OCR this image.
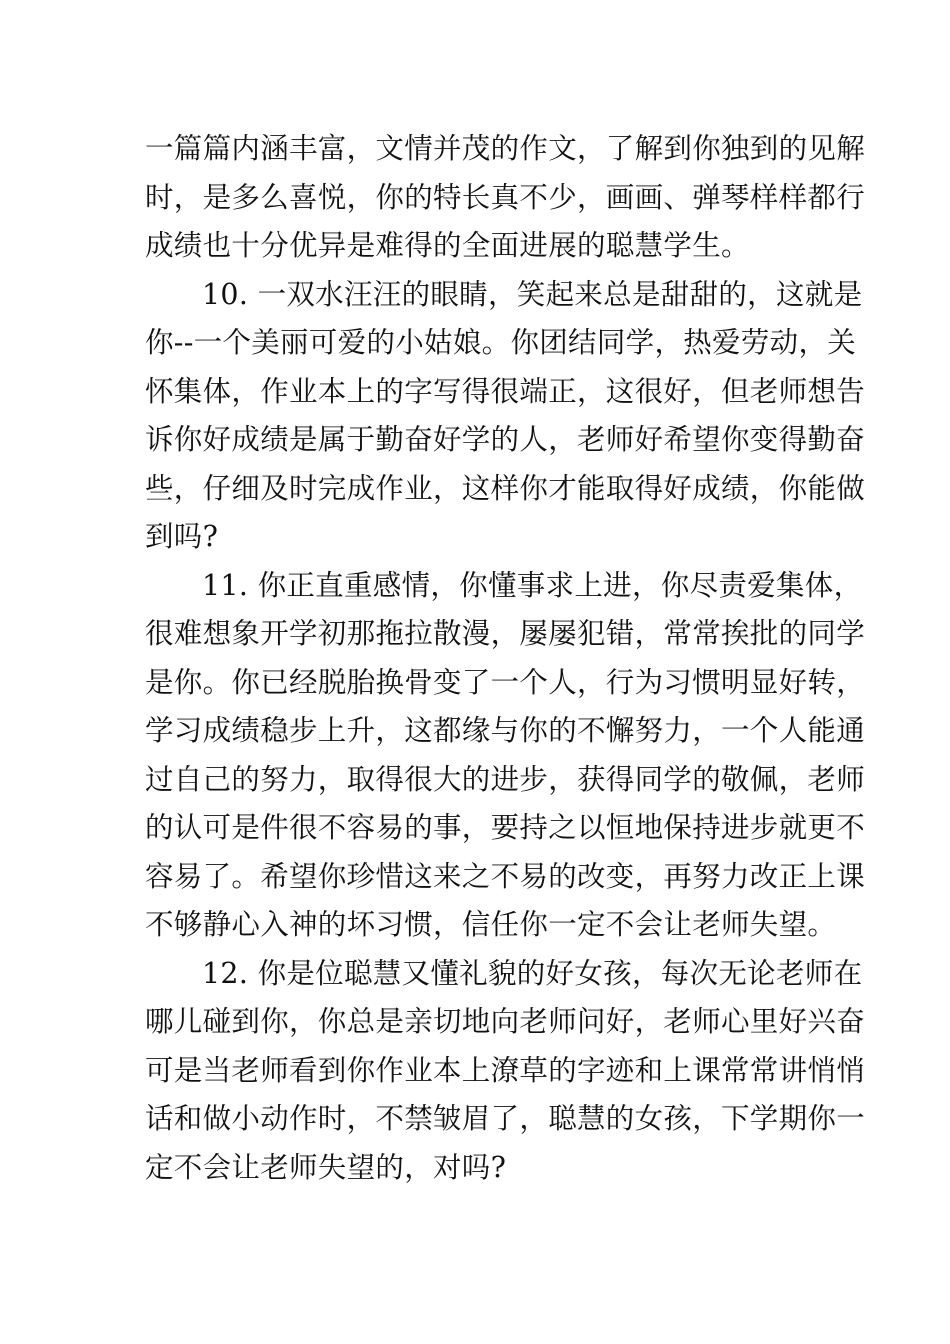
一篇篇内涵丰富，文情并茂的作文，了解到你独到的见解
时，是多么喜悦，你的特长真不少，画画、弹琴样样都行
成绩也十分优异是难得的全面进展的聪慧学生。
10. 一双水汪汪的眼睛，笑起来总是甜甜的，这就是
你--一个美丽可爱的小姑娘。你团结同学，热爱劳动，关
怀集体，作业本上的字写得很端正，这很好，但老师想告
诉你好成绩是属于勤奋好学的人，老师好希望你变得勤奋
些，仔细及时完成作业，这样你才能取得好成绩，你能做
到吗?
11. 你正直重感情，你懂事求上进，你尽责爱集体，
很难想象开学初那拖拉散漫，屡屡犯错，常常挨批的同学
是你。你已经脱胎换骨变了一个人，行为习惯明显好转，
学习成绩稳步上升，这都缘与你的不懈努力，一个人能通
过自己的努力，取得很大的进步，获得同学的敬佩，老师
的认可是件很不容易的事，要持之以恒地保持进步就更不
容易了。希望你珍惜这来之不易的改变，再努力改正上课
不够静心入神的坏习惯，信任你一定不会让老师失望。
12. 你是位聪慧又懂礼貌的好女孩，每次无论老师在
哪儿碰到你，你总是亲切地向老师问好，老师心里好兴奋
可是当老师看到你作业本上潦草的字迹和上课常常讲悄悄
话和做小动作时，不禁皱眉了，聪慧的女孩，下学期你一
定不会让老师失望的，对吗?
